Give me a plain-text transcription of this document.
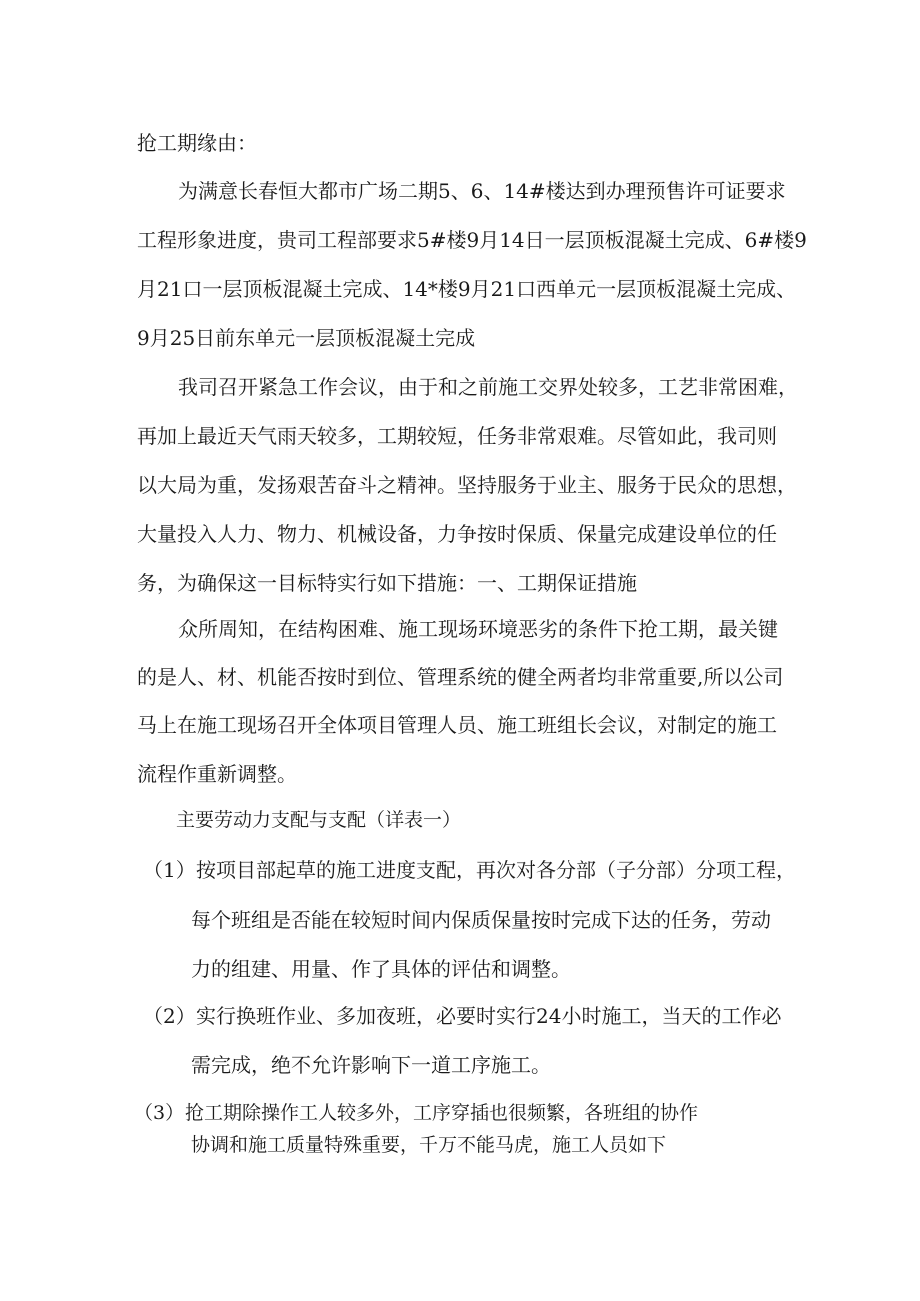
抢工期缘由：
为满意长春恒大都市广场二期5、6、14#楼达到办理预售许可证要求
工程形象进度，贵司工程部要求5#楼9月14日一层顶板混凝土完成、6#楼9
月21口一层顶板混凝土完成、14*楼9月21口西单元一层顶板混凝土完成、
9月25日前东单元一层顶板混凝土完成
我司召开紧急工作会议，由于和之前施工交界处较多，工艺非常困难，
再加上最近天气雨天较多，工期较短，任务非常艰难。尽管如此，我司则
以大局为重，发扬艰苦奋斗之精神。坚持服务于业主、服务于民众的思想，
大量投入人力、物力、机械设备，力争按时保质、保量完成建设单位的任
务，为确保这一目标特实行如下措施：一、工期保证措施
众所周知，在结构困难、施工现场环境恶劣的条件下抢工期，最关键
的是人、材、机能否按时到位、管理系统的健全两者均非常重要,所以公司
马上在施工现场召开全体项目管理人员、施工班组长会议，对制定的施工
流程作重新调整。
主要劳动力支配与支配（详表一）
（1） 按项目部起草的施工进度支配，再次对各分部（子分部）分项工程，
每个班组是否能在较短时间内保质保量按时完成下达的任务，劳动
力的组建、用量、作了具体的评估和调整。
（2） 实行换班作业、多加夜班，必要时实行24小时施工，当天的工作必
需完成，绝不允许影响下一道工序施工。
（3） 抢工期除操作工人较多外，工序穿插也很频繁，各班组的协作
协调和施工质量特殊重要，千万不能马虎，施工人员如下
